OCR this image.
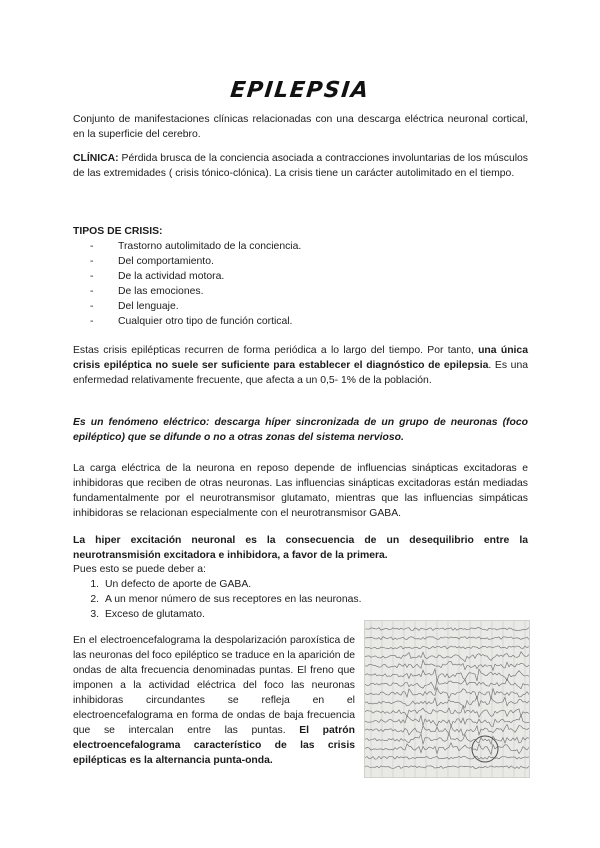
EPILEPSIA

Conjunto de manifestaciones clínicas relacionadas con una descarga eléctrica neuronal cortical, en la superficie del cerebro.

CLÍNICA: Pérdida brusca de la conciencia asociada a contracciones involuntarias de los músculos de las extremidades ( crisis tónico-clónica). La crisis tiene un carácter autolimitado en el tiempo.

TIPOS DE CRISIS:
-	Trastorno autolimitado de la conciencia.
-	Del comportamiento.
-	De la actividad motora.
-	De las emociones.
-	Del lenguaje.
-	Cualquier otro tipo de función cortical.

Estas crisis epilépticas recurren de forma periódica a lo largo del tiempo. Por tanto, una única crisis epiléptica no suele ser suficiente para establecer el diagnóstico de epilepsia. Es una enfermedad relativamente frecuente, que afecta a un 0,5- 1% de la población.

Es un fenómeno eléctrico: descarga híper sincronizada de un grupo de neuronas (foco epiléptico) que se difunde o no a otras zonas del sistema nervioso.

La carga eléctrica de la neurona en reposo depende de influencias sinápticas excitadoras e inhibidoras que reciben de otras neuronas. Las influencias sinápticas excitadoras están mediadas fundamentalmente por el neurotransmisor glutamato, mientras que las influencias simpáticas inhibidoras se relacionan especialmente con el neurotransmisor GABA.

La hiper excitación neuronal es la consecuencia de un desequilibrio entre la neurotransmisión excitadora e inhibidora, a favor de la primera.

Pues esto se puede deber a:
1. Un defecto de aporte de GABA.
2. A un menor número de sus receptores en las neuronas.
3. Exceso de glutamato.

En el electroencefalograma la despolarización paroxística de las neuronas del foco epiléptico se traduce en la aparición de ondas de alta frecuencia denominadas puntas. El freno que imponen a la actividad eléctrica del foco las neuronas inhibidoras circundantes se refleja en el electroencefalograma en forma de ondas de baja frecuencia que se intercalan entre las puntas. El patrón electroencefalograma característico de las crisis epilépticas es la alternancia punta-onda.
